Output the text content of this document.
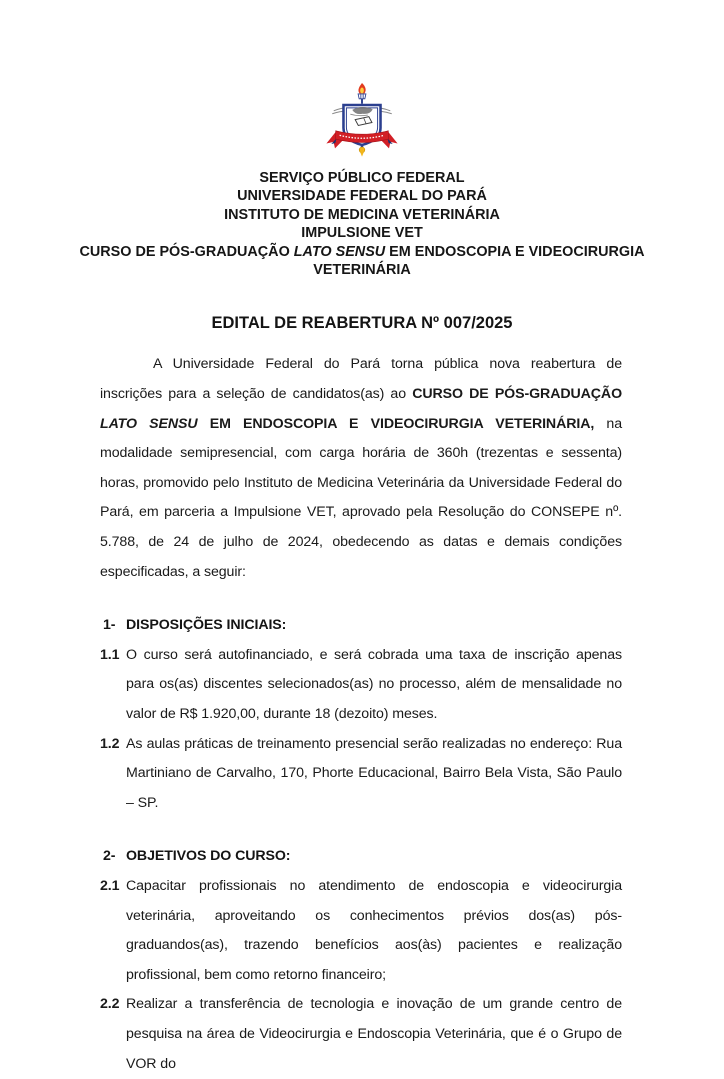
SERVIÇO PÚBLICO FEDERAL
UNIVERSIDADE FEDERAL DO PARÁ
INSTITUTO DE MEDICINA VETERINÁRIA
IMPULSIONE VET
CURSO DE PÓS-GRADUAÇÃO LATO SENSU EM ENDOSCOPIA E VIDEOCIRURGIA VETERINÁRIA
EDITAL DE REABERTURA Nº 007/2025

A Universidade Federal do Pará torna pública nova reabertura de inscrições para a seleção de candidatos(as) ao CURSO DE PÓS-GRADUAÇÃO LATO SENSU EM ENDOSCOPIA E VIDEOCIRURGIA VETERINÁRIA, na modalidade semipresencial, com carga horária de 360h (trezentas e sessenta) horas, promovido pelo Instituto de Medicina Veterinária da Universidade Federal do Pará, em parceria a Impulsione VET, aprovado pela Resolução do CONSEPE nº. 5.788, de 24 de julho de 2024, obedecendo as datas e demais condições especificadas, a seguir:

1- DISPOSIÇÕES INICIAIS:
1.1 O curso será autofinanciado, e será cobrada uma taxa de inscrição apenas para os(as) discentes selecionados(as) no processo, além de mensalidade no valor de R$ 1.920,00, durante 18 (dezoito) meses.
1.2 As aulas práticas de treinamento presencial serão realizadas no endereço: Rua Martiniano de Carvalho, 170, Phorte Educacional, Bairro Bela Vista, São Paulo – SP.
2- OBJETIVOS DO CURSO:
2.1 Capacitar profissionais no atendimento de endoscopia e videocirurgia veterinária, aproveitando os conhecimentos prévios dos(as) pós-graduandos(as), trazendo benefícios aos(às) pacientes e realização profissional, bem como retorno financeiro;
2.2 Realizar a transferência de tecnologia e inovação de um grande centro de pesquisa na área de Videocirurgia e Endoscopia Veterinária, que é o Grupo de VOR do
